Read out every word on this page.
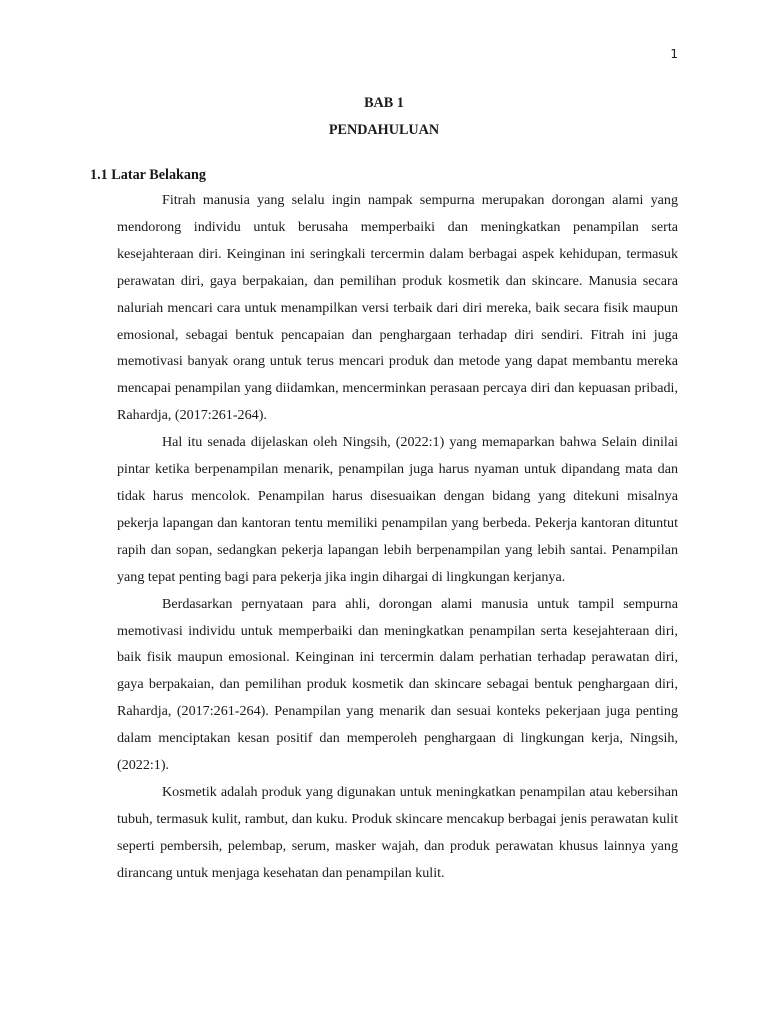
1
BAB 1
PENDAHULUAN
1.1 Latar Belakang

Fitrah manusia yang selalu ingin nampak sempurna merupakan dorongan alami yang mendorong individu untuk berusaha memperbaiki dan meningkatkan penampilan serta kesejahteraan diri. Keinginan ini seringkali tercermin dalam berbagai aspek kehidupan, termasuk perawatan diri, gaya berpakaian, dan pemilihan produk kosmetik dan skincare. Manusia secara naluriah mencari cara untuk menampilkan versi terbaik dari diri mereka, baik secara fisik maupun emosional, sebagai bentuk pencapaian dan penghargaan terhadap diri sendiri. Fitrah ini juga memotivasi banyak orang untuk terus mencari produk dan metode yang dapat membantu mereka mencapai penampilan yang diidamkan, mencerminkan perasaan percaya diri dan kepuasan pribadi, Rahardja, (2017:261-264).

Hal itu senada dijelaskan oleh Ningsih, (2022:1) yang memaparkan bahwa Selain dinilai pintar ketika berpenampilan menarik, penampilan juga harus nyaman untuk dipandang mata dan tidak harus mencolok. Penampilan harus disesuaikan dengan bidang yang ditekuni misalnya pekerja lapangan dan kantoran tentu memiliki penampilan yang berbeda. Pekerja kantoran dituntut rapih dan sopan, sedangkan pekerja lapangan lebih berpenampilan yang lebih santai. Penampilan yang tepat penting bagi para pekerja jika ingin dihargai di lingkungan kerjanya.

Berdasarkan pernyataan para ahli, dorongan alami manusia untuk tampil sempurna memotivasi individu untuk memperbaiki dan meningkatkan penampilan serta kesejahteraan diri, baik fisik maupun emosional. Keinginan ini tercermin dalam perhatian terhadap perawatan diri, gaya berpakaian, dan pemilihan produk kosmetik dan skincare sebagai bentuk penghargaan diri, Rahardja, (2017:261-264). Penampilan yang menarik dan sesuai konteks pekerjaan juga penting dalam menciptakan kesan positif dan memperoleh penghargaan di lingkungan kerja, Ningsih, (2022:1).

Kosmetik adalah produk yang digunakan untuk meningkatkan penampilan atau kebersihan tubuh, termasuk kulit, rambut, dan kuku. Produk skincare mencakup berbagai jenis perawatan kulit seperti pembersih, pelembap, serum, masker wajah, dan produk perawatan khusus lainnya yang dirancang untuk menjaga kesehatan dan penampilan kulit.
